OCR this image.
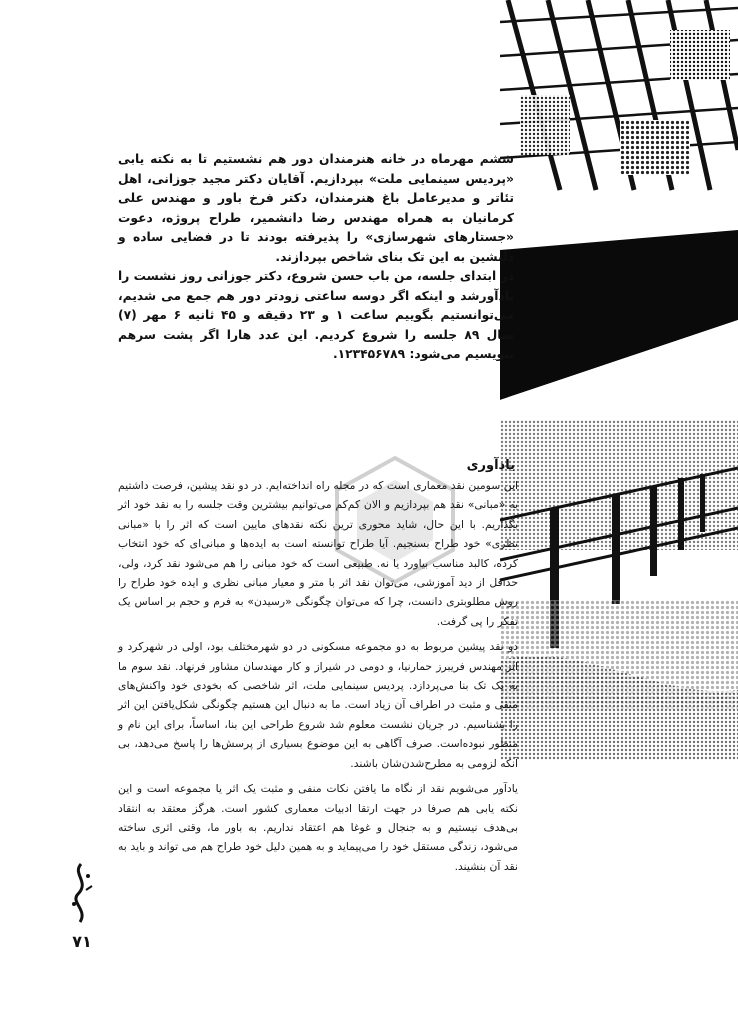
ششم مهرماه در خانه هنرمندان دور هم نشستیم تا به نکته یابی «پردیس سینمایی ملت» بپردازیم. آقایان دکتر مجید جوزانی، اهل تئاتر و مدیرعامل باغ هنرمندان، دکتر فرخ باور و مهندس علی کرمانیان به همراه مهندس رضا دانشمیر، طراح پروژه، دعوت «جستارهای شهرسازی» را پذیرفته بودند تا در فضایی ساده و دلنشین به این تک بنای شاخص بپردازند.

در ابتدای جلسه، من باب حسن شروع، دکتر جوزانی روز نشست را یادآورشد و اینکه اگر دوسه ساعتی زودتر دور هم جمع می شدیم، می‌توانستیم بگوییم ساعت ۱ و ۲۳ دقیقه و ۴۵ ثانیه ۶ مهر (۷) سال ۸۹ جلسه را شروع کردیم. این عدد هارا اگر پشت سرهم بنویسیم می‌شود: ۱۲۳۴۵۶۷۸۹.

یادآوری

این سومین نقد معماری است که در مجله راه انداخته‌ایم. در دو نقد پیشین، فرصت داشتیم به «مبانی» نقد هم بپردازیم و الان کم‌کم می‌توانیم بیشترین وقت جلسه را به نقد خود اثر بگذاریم. با این حال، شاید محوری ترین نکته نقدهای مایین است که اثر را با «مبانی نظری» خود طراح بسنجیم. آیا طراح توانسته است به ایده‌ها و مبانی‌ای که خود انتخاب کرده، کالبد مناسب بیاورد یا نه. طبیعی است که خود مبانی را هم می‌شود نقد کرد، ولی، حداقل از دید آموزشی، می‌توان نقد اثر با متر و معیار مبانی نظری و ایده خود طراح را روش مطلوبتری دانست، چرا که می‌توان چگونگی «رسیدن» به فرم و حجم بر اساس یک تفکر را پی گرفت.

دو نقد پیشین مربوط به دو مجموعه مسکونی در دو شهرمختلف بود، اولی در شهرکرد و اثر مهندس فریبرز حمارنیا، و دومی در شیراز و کار مهندسان مشاور فرنهاد. نقد سوم ما به یک تک بنا می‌پردازد. پردیس سینمایی ملت، اثر شاخصی که بخودی خود واکنش‌های منفی و مثبت در اطراف آن زیاد است. ما به دنبال این هستیم چگونگی شکل‌یافتن این اثر را بشناسیم. در جریان نشست معلوم شد شروع طراحی این بنا، اساساً، برای این نام و منظور نبوده‌است. صرف آگاهی به این موضوع بسیاری از پرسش‌ها را پاسخ می‌دهد، بی آنکه لزومی به مطرح‌شدن‌شان باشند.

یادآور می‌شویم نقد از نگاه ما یافتن نکات منفی و مثبت یک اثر یا مجموعه است و این نکته یابی هم صرفا در جهت ارتقا ادبیات معماری کشور است. هرگز معتقد به انتقاد بی‌هدف نیستیم و به جنجال و غوغا هم اعتقاد نداریم. به باور ما، وقتی اثری ساخته می‌شود، زندگی مستقل خود را می‌پیماید و به همین دلیل خود طراح هم می تواند و باید به نقد آن بنشیند.

۷۱
